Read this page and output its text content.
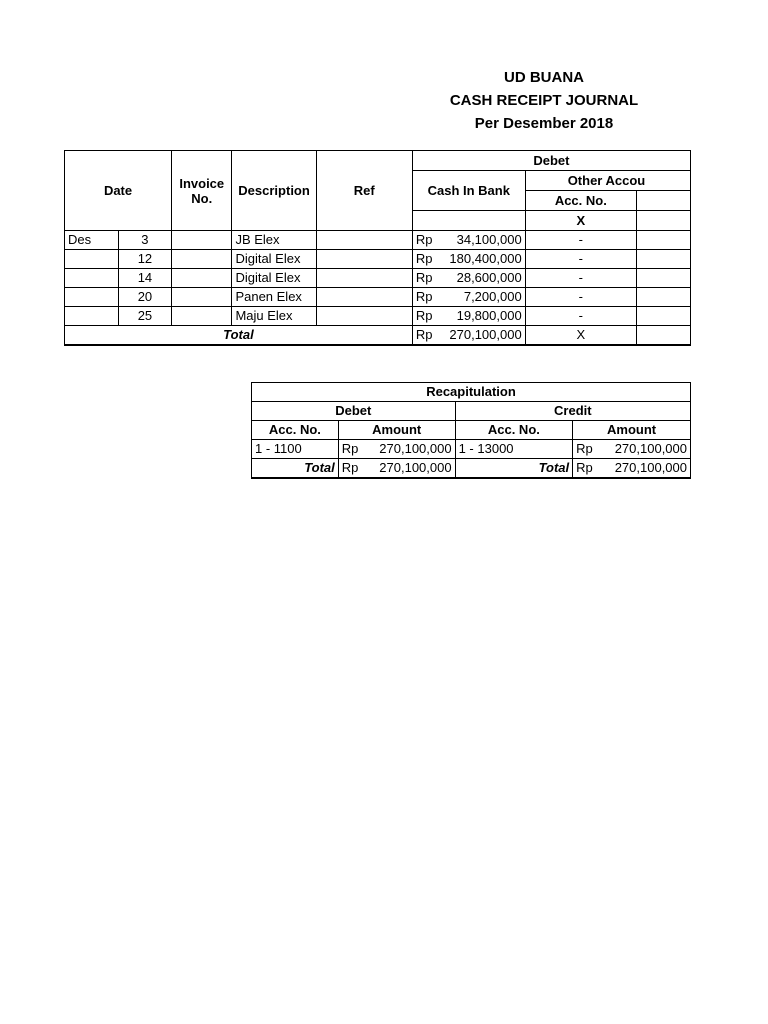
UD BUANA
CASH RECEIPT JOURNAL
Per Desember 2018
Date		Invoice No.	Description	Ref	Debet		
					Cash In Bank	Other Accou	
						Acc. No.	
						X	
Des	3		JB Elex		Rp 34,100,000	-	
	12		Digital Elex		Rp 180,400,000	-	
	14		Digital Elex		Rp 28,600,000	-	
	20		Panen Elex		Rp 7,200,000	-	
	25		Maju Elex		Rp 19,800,000	-	
Total					Rp 270,100,000	X	
Recapitulation			
Debet		Credit	
Acc. No.	Amount	Acc. No.	Amount
1 - 1100	Rp 270,100,000	1 - 13000	Rp 270,100,000

Total	Rp 270,100,000	Total	Rp 270,100,000
